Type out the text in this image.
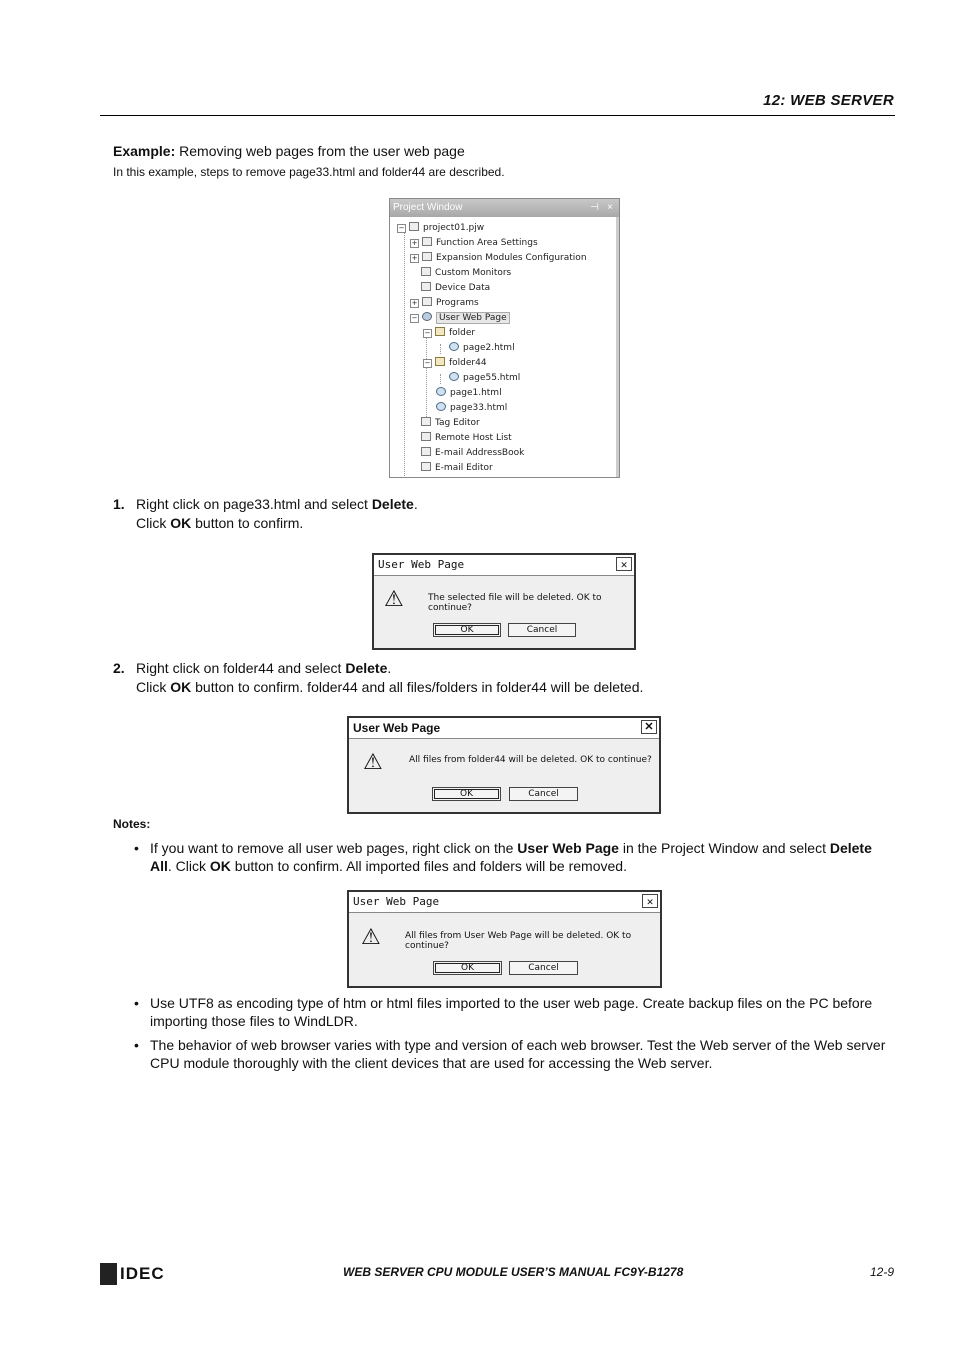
12: WEB SERVER
Example: Removing web pages from the user web page
In this example, steps to remove page33.html and folder44 are described.
Project Window	⊣ ×
− project01.pjw
+ Function Area Settings
+ Expansion Modules Configuration
Custom Monitors
Device Data
+ Programs
− User Web Page
− folder
page2.html
− folder44
page55.html
page1.html
page33.html
Tag Editor
Remote Host List
E-mail AddressBook
E-mail Editor
1. Right click on page33.html and select Delete.
Click OK button to confirm.
User Web Page	✕
⚠	The selected file will be deleted. OK to continue?
OK	Cancel
2. Right click on folder44 and select Delete.
Click OK button to confirm. folder44 and all files/folders in folder44 will be deleted.
User Web Page	✕
⚠	All files from folder44 will be deleted. OK to continue?
OK	Cancel
Notes:
• If you want to remove all user web pages, right click on the User Web Page in the Project Window and select Delete All. Click OK button to confirm. All imported files and folders will be removed.
User Web Page	✕
⚠	All files from User Web Page will be deleted. OK to continue?
OK	Cancel
• Use UTF8 as encoding type of htm or html files imported to the user web page. Create backup files on the PC before importing those files to WindLDR.
• The behavior of web browser varies with type and version of each web browser. Test the Web server of the Web server CPU module thoroughly with the client devices that are used for accessing the Web server.
IDEC	WEB SERVER CPU MODULE USER’S MANUAL FC9Y-B1278	12-9
